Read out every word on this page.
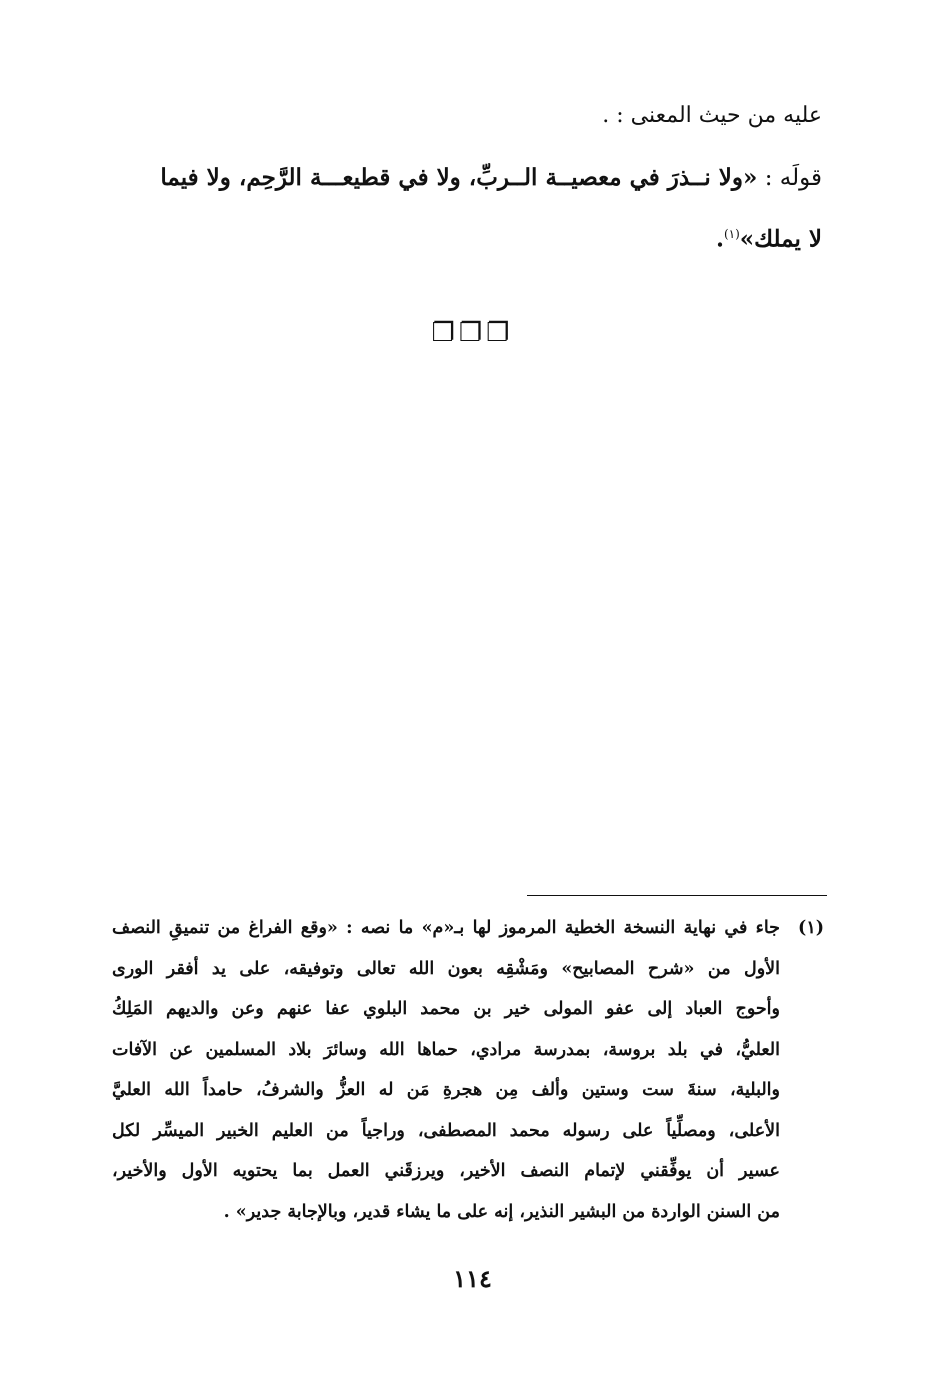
عليه من حيث المعنى : .
قولَه : «ولا نــذرَ في معصيــة الــربِّ، ولا في قطيعـــة الرَّحِم، ولا فيما
لا يملك»$^{(١)}$.
❐❐❐
(١)
جاء في نهاية النسخة الخطية المرموز لها بـ«م» ما نصه : «وقع الفراغ من تنميقِ النصف
الأول من «شرح المصابيح» ومَشْقِه بعون الله تعالى وتوفيقه، على يد أفقر الورى
وأحوج العباد إلى عفو المولى خير بن محمد البلوي عفا عنهم وعن والديهم المَلِكُ
العليُّ، في بلد بروسة، بمدرسة مرادي، حماها الله وسائرَ بلاد المسلمين عن الآفات
والبلية، سنةَ ست وستين وألف مِن هجرةِ مَن له العزُّ والشرفُ، حامداً الله العليَّ
الأعلى، ومصلِّياً على رسوله محمد المصطفى، وراجياً من العليم الخبير الميسِّر لكل
عسير أن يوفِّقني لإتمام النصف الأخير، ويرزقَني العمل بما يحتويه الأول والأخير،
من السنن الواردة من البشير النذير، إنه على ما يشاء قدير، وبالإجابة جدير» .
١١٤
